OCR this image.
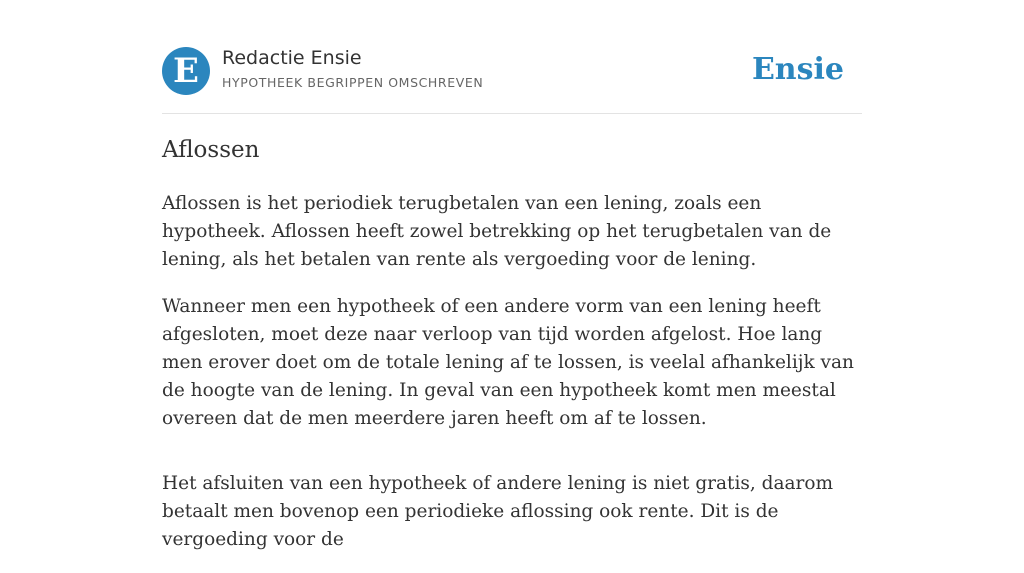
E	Redactie Ensie
HYPOTHEEK BEGRIPPEN OMSCHREVEN	Ensie
Aflossen

Aflossen is het periodiek terugbetalen van een lening, zoals een hypotheek. Aflossen heeft zowel betrekking op het terugbetalen van de lening, als het betalen van rente als vergoeding voor de lening.

Wanneer men een hypotheek of een andere vorm van een lening heeft afgesloten, moet deze naar verloop van tijd worden afgelost. Hoe lang men erover doet om de totale lening af te lossen, is veelal afhankelijk van de hoogte van de lening. In geval van een hypotheek komt men meestal overeen dat de men meerdere jaren heeft om af te lossen.

Het afsluiten van een hypotheek of andere lening is niet gratis, daarom betaalt men bovenop een periodieke aflossing ook rente. Dit is de vergoeding voor de
